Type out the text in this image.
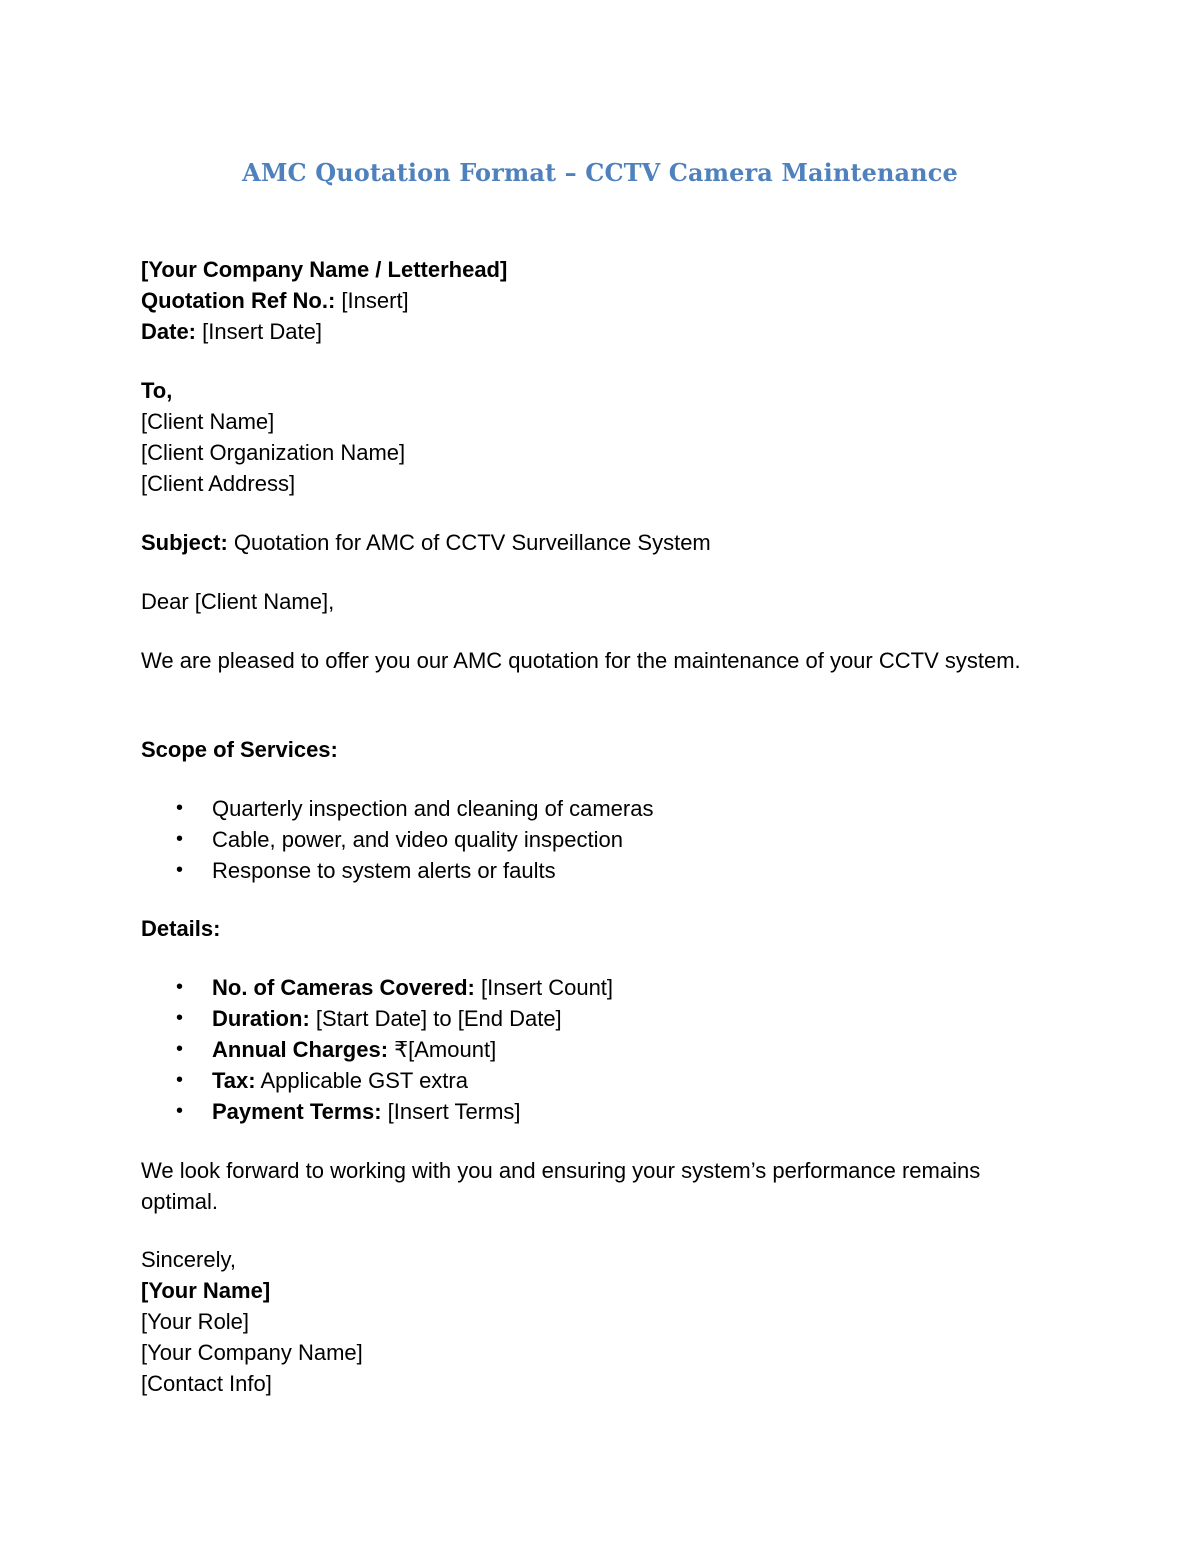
AMC Quotation Format – CCTV Camera Maintenance
[Your Company Name / Letterhead]
Quotation Ref No.: [Insert]
Date: [Insert Date]
To,
[Client Name]
[Client Organization Name]
[Client Address]
Subject: Quotation for AMC of CCTV Surveillance System
Dear [Client Name],
We are pleased to offer you our AMC quotation for the maintenance of your CCTV system.
Scope of Services:
• Quarterly inspection and cleaning of cameras
• Cable, power, and video quality inspection
• Response to system alerts or faults
Details:
• No. of Cameras Covered: [Insert Count]
• Duration: [Start Date] to [End Date]
• Annual Charges: ₹[Amount]
• Tax: Applicable GST extra
• Payment Terms: [Insert Terms]
We look forward to working with you and ensuring your system’s performance remains optimal.
Sincerely,
[Your Name]
[Your Role]
[Your Company Name]
[Contact Info]
